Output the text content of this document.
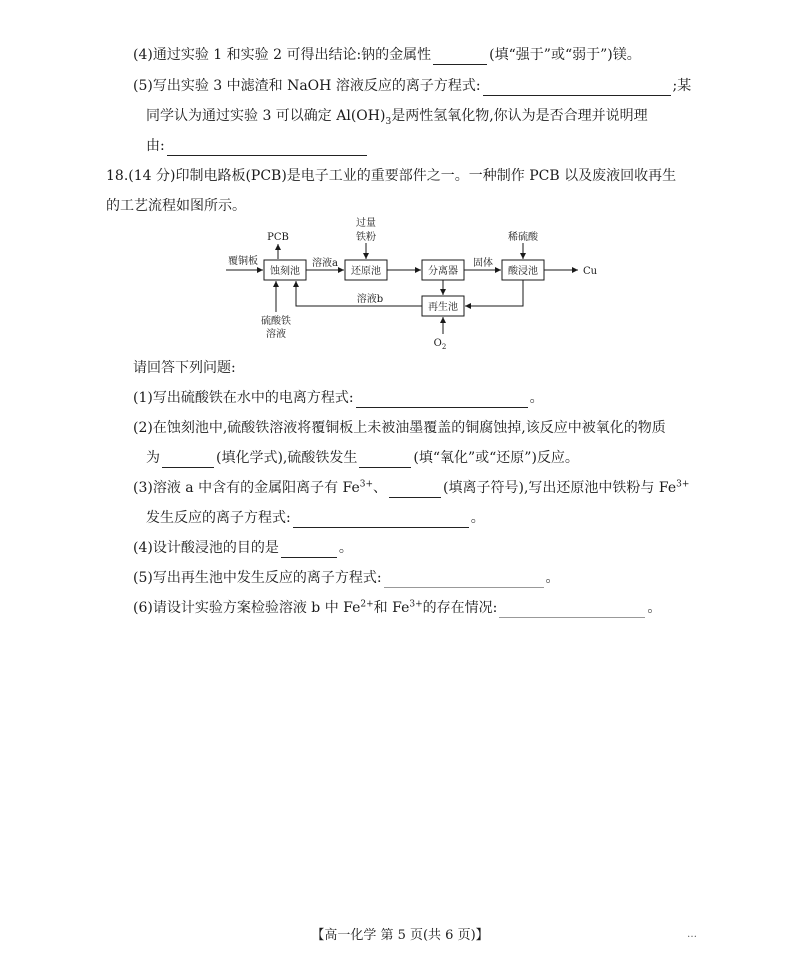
(4)通过实验 1 和实验 2 可得出结论:钠的金属性	(填“强于”或“弱于”)镁。
(5)写出实验 3 中滤渣和 NaOH 溶液反应的离子方程式:	;某
同学认为通过实验 3 可以确定 $Al(OH)_3$是两性氢氧化物,你认为是否合理并说明理
由:
18.(14 分)印制电路板(PCB)是电子工业的重要部件之一。一种制作 PCB 以及废液回收再生
的工艺流程如图所示。
蚀刻池	还原池	分离器	酸浸池
再生池
覆铜板
PCB
溶液a
过量
铁粉
固体
稀硫酸
Cu
溶液b
$O_2$
硫酸铁
溶液
请回答下列问题:
(1)写出硫酸铁在水中的电离方程式:	。
(2)在蚀刻池中,硫酸铁溶液将覆铜板上未被油墨覆盖的铜腐蚀掉,该反应中被氧化的物质
为	(填化学式),硫酸铁发生	(填“氧化”或“还原”)反应。
(3)溶液 a 中含有的金属阳离子有 $Fe^{3+}$、	(填离子符号),写出还原池中铁粉与 $Fe^{3+}$
发生反应的离子方程式:	。
(4)设计酸浸池的目的是	。
(5)写出再生池中发生反应的离子方程式:	。
(6)请设计实验方案检验溶液 b 中 $Fe^{2+}$和 $Fe^{3+}$的存在情况:	。
【高一化学 第 5 页(共 6 页)】	…
